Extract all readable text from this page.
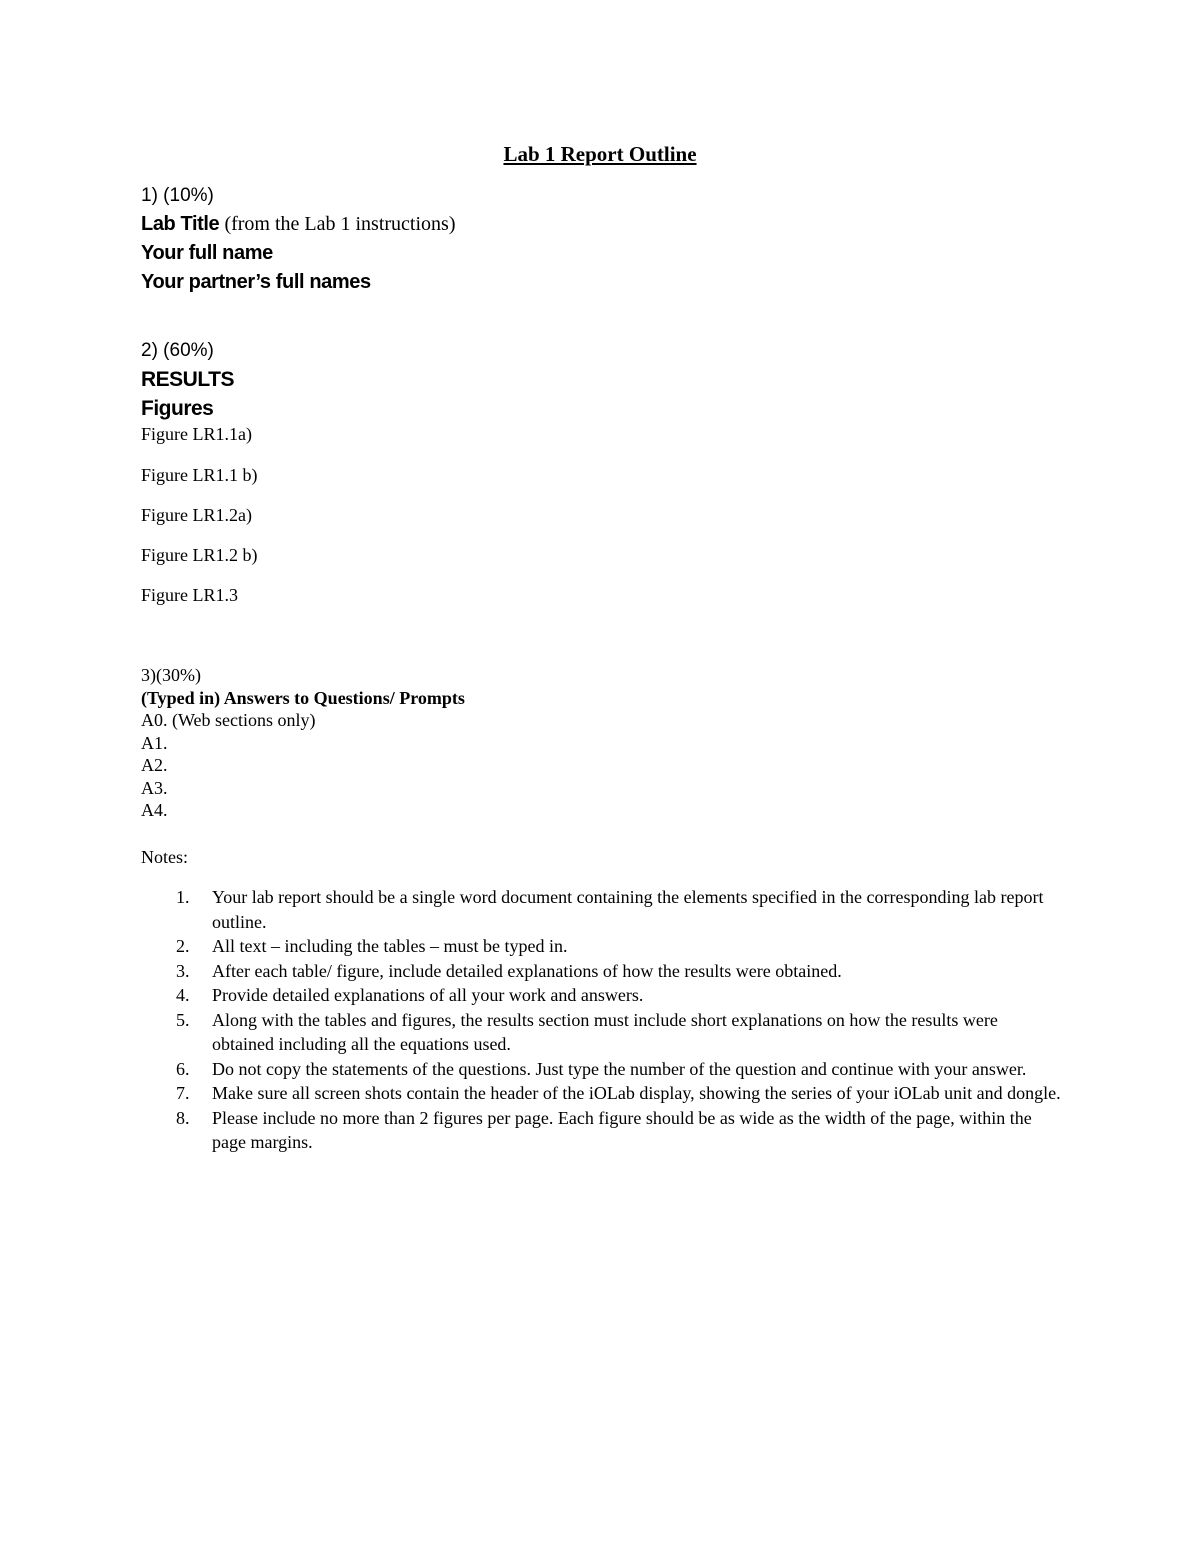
Lab 1 Report Outline
1) (10%)
Lab Title (from the Lab 1 instructions)
Your full name
Your partner’s full names
2) (60%)
RESULTS
Figures
Figure LR1.1a)
Figure LR1.1 b)
Figure LR1.2a)
Figure LR1.2 b)
Figure LR1.3
3)(30%)
(Typed in) Answers to Questions/ Prompts
A0. (Web sections only)
A1.
A2.
A3.
A4.
Notes:
1. Your lab report should be a single word document containing the elements specified in the corresponding lab report outline.
2. All text – including the tables – must be typed in.
3. After each table/ figure, include detailed explanations of how the results were obtained.
4. Provide detailed explanations of all your work and answers.
5. Along with the tables and figures, the results section must include short explanations on how the results were obtained including all the equations used.
6. Do not copy the statements of the questions. Just type the number of the question and continue with your answer.
7. Make sure all screen shots contain the header of the iOLab display, showing the series of your iOLab unit and dongle.
8. Please include no more than 2 figures per page. Each figure should be as wide as the width of the page, within the page margins.
